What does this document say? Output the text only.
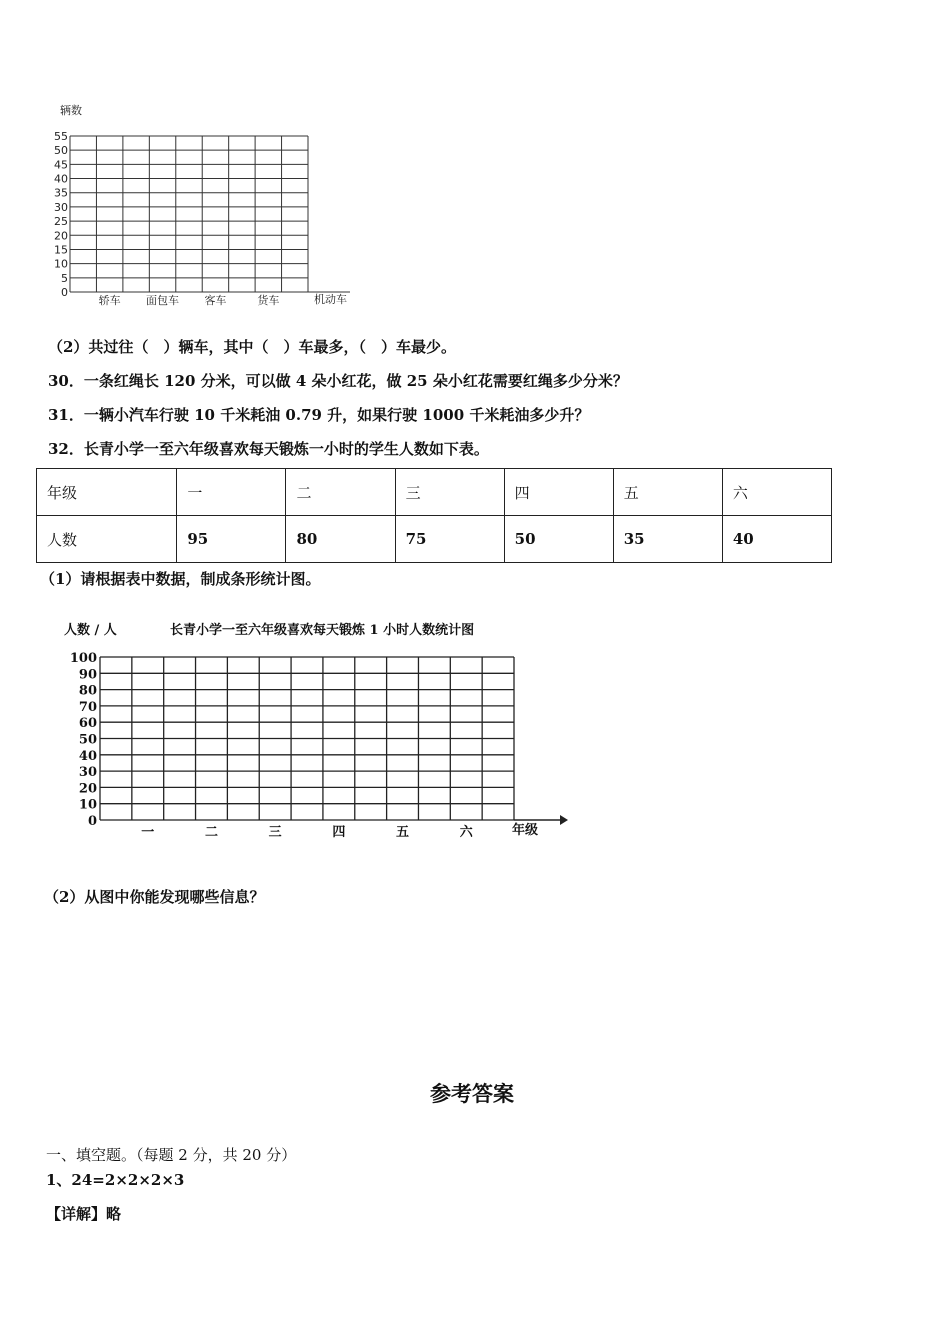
辆数
0
5
10
15
20
25
30
35
40
45
50
55
轿车 面包车 客车	货车	机动车
（2）共过往（　）辆车，其中（　）车最多，（　）车最少。
30．一条红绳长 120 分米，可以做 4 朵小红花，做 25 朵小红花需要红绳多少分米？
31．一辆小汽车行驶 10 千米耗油 0.79 升，如果行驶 1000 千米耗油多少升？
32．长青小学一至六年级喜欢每天锻炼一小时的学生人数如下表。
年级	一	二	三	四	五	六
人数	95	80	75	50	35	40
（1）请根据表中数据，制成条形统计图。
人数 / 人	长青小学一至六年级喜欢每天锻炼 1 小时人数统计图
0
10
20
30
40
50
60
70
80
90
100
一	二	三	四	五	六	年级
（2）从图中你能发现哪些信息？
参考答案
一、填空题。（每题 2 分，共 20 分）
1、24=2×2×2×3
【详解】略
